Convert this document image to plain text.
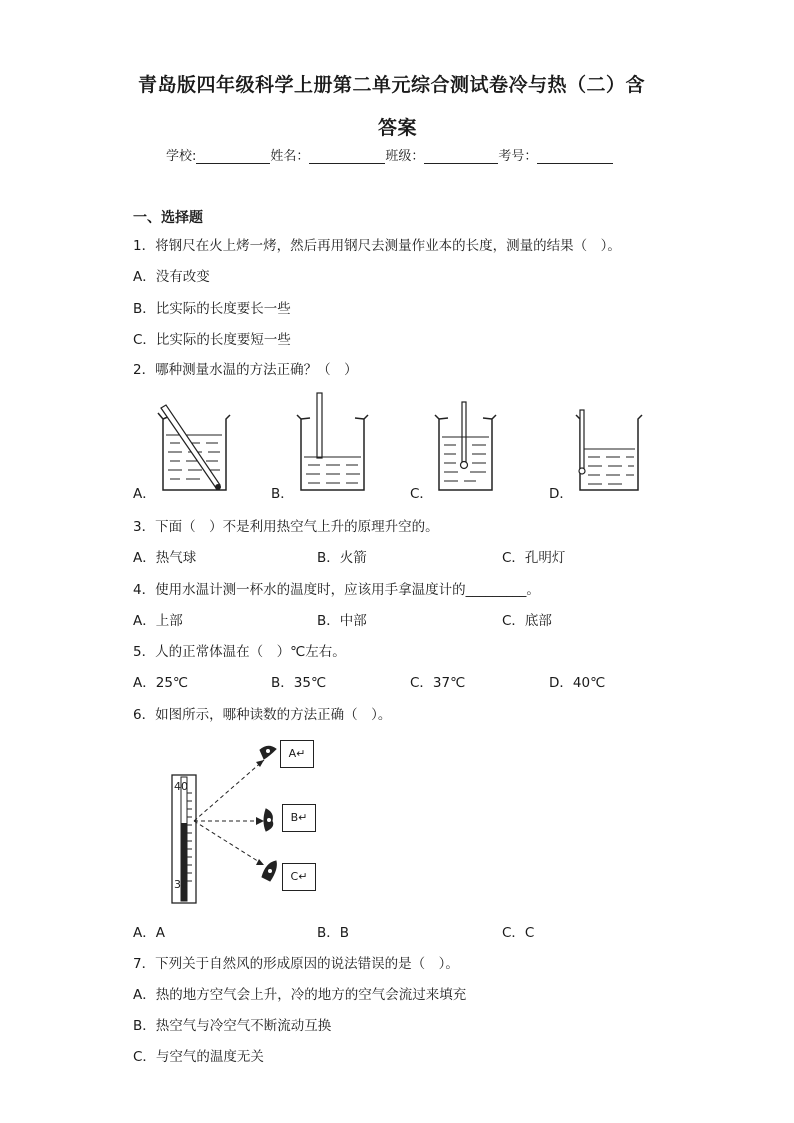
青岛版四年级科学上册第二单元综合测试卷冷与热（二）含
答案
学校:	姓名：	班级：	考号：
一、选择题
1．将钢尺在火上烤一烤，然后再用钢尺去测量作业本的长度，测量的结果（　）。
A．没有改变
B．比实际的长度要长一些
C．比实际的长度要短一些
2．哪种测量水温的方法正确？（　）
A．	B．	C．	D．
3．下面（　）不是利用热空气上升的原理升空的。
A．热气球	B．火箭	C．孔明灯
4．使用水温计测一杯水的温度时，应该用手拿温度计的_________。
A．上部	B．中部	C．底部
5．人的正常体温在（　）℃左右。
A．25℃	B．35℃	C．37℃	D．40℃
6．如图所示，哪种读数的方法正确（　）。
40
30
A↵
B↵
C↵
A．A	B．B	C．C
7．下列关于自然风的形成原因的说法错误的是（　）。
A．热的地方空气会上升，冷的地方的空气会流过来填充
B．热空气与冷空气不断流动互换
C．与空气的温度无关
